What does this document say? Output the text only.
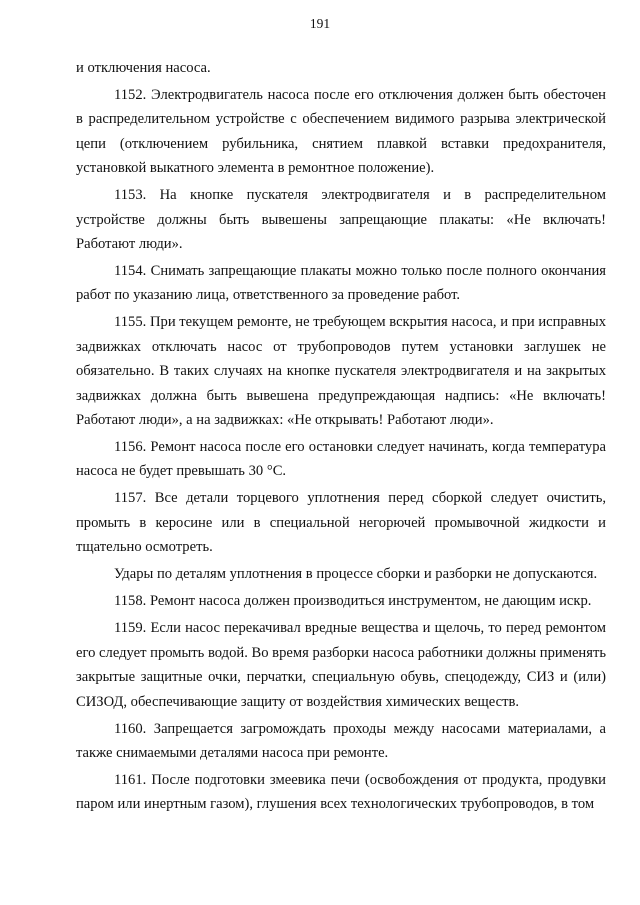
191

и отключения насоса.

1152. Электродвигатель насоса после его отключения должен быть обесточен в распределительном устройстве с обеспечением видимого разрыва электрической цепи (отключением рубильника, снятием плавкой вставки предохранителя, установкой выкатного элемента в ремонтное положение).

1153. На кнопке пускателя электродвигателя и в распределительном устройстве должны быть вывешены запрещающие плакаты: «Не включать! Работают люди».

1154. Снимать запрещающие плакаты можно только после полного окончания работ по указанию лица, ответственного за проведение работ.

1155. При текущем ремонте, не требующем вскрытия насоса, и при исправных задвижках отключать насос от трубопроводов путем установки заглушек не обязательно. В таких случаях на кнопке пускателя электродвигателя и на закрытых задвижках должна быть вывешена предупреждающая надпись: «Не включать! Работают люди», а на задвижках: «Не открывать! Работают люди».

1156. Ремонт насоса после его остановки следует начинать, когда температура насоса не будет превышать 30 °С.

1157. Все детали торцевого уплотнения перед сборкой следует очистить, промыть в керосине или в специальной негорючей промывочной жидкости и тщательно осмотреть.

Удары по деталям уплотнения в процессе сборки и разборки не допускаются.

1158. Ремонт насоса должен производиться инструментом, не дающим искр.

1159. Если насос перекачивал вредные вещества и щелочь, то перед ремонтом его следует промыть водой. Во время разборки насоса работники должны применять закрытые защитные очки, перчатки, специальную обувь, спецодежду, СИЗ и (или) СИЗОД, обеспечивающие защиту от воздействия химических веществ.

1160. Запрещается загромождать проходы между насосами материалами, а также снимаемыми деталями насоса при ремонте.

1161. После подготовки змеевика печи (освобождения от продукта, продувки паром или инертным газом), глушения всех технологических трубопроводов, в том
